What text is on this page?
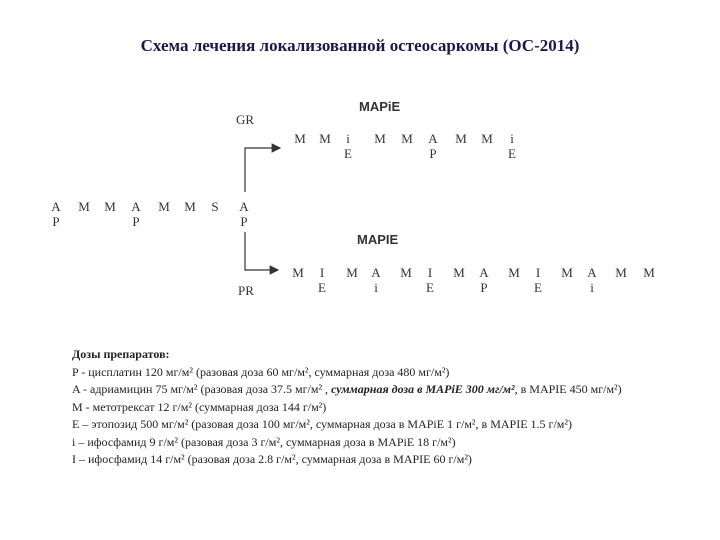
Схема лечения локализованной остеосаркомы (ОС-2014)
GR
PR
MAPiE
MAPIE
A
P
M M A
P
M M	S	A
P
M M	i
E
M M A
P
M M	i
E
M	I
E
M A
i
M	I
E
M A
P
M	I
E
M A
i
M M
Дозы препаратов:
P - цисплатин 120 мг/м² (разовая доза 60 мг/м², суммарная доза 480 мг/м²)
A - адриамицин 75 мг/м² (разовая доза 37.5 мг/м² , суммарная доза в MAPiE 300 мг/м², в MAPIE 450 мг/м²)
M - метотрексат 12 г/м² (суммарная доза 144 г/м²)
E – этопозид 500 мг/м² (разовая доза 100 мг/м², суммарная доза в MAPiE 1 г/м², в MAPIE 1.5 г/м²)
i – ифосфамид 9 г/м² (разовая доза 3 г/м², суммарная доза в MAPiE 18 г/м²)
I – ифосфамид 14 г/м² (разовая доза 2.8 г/м², суммарная доза в MAPIE 60 г/м²)
